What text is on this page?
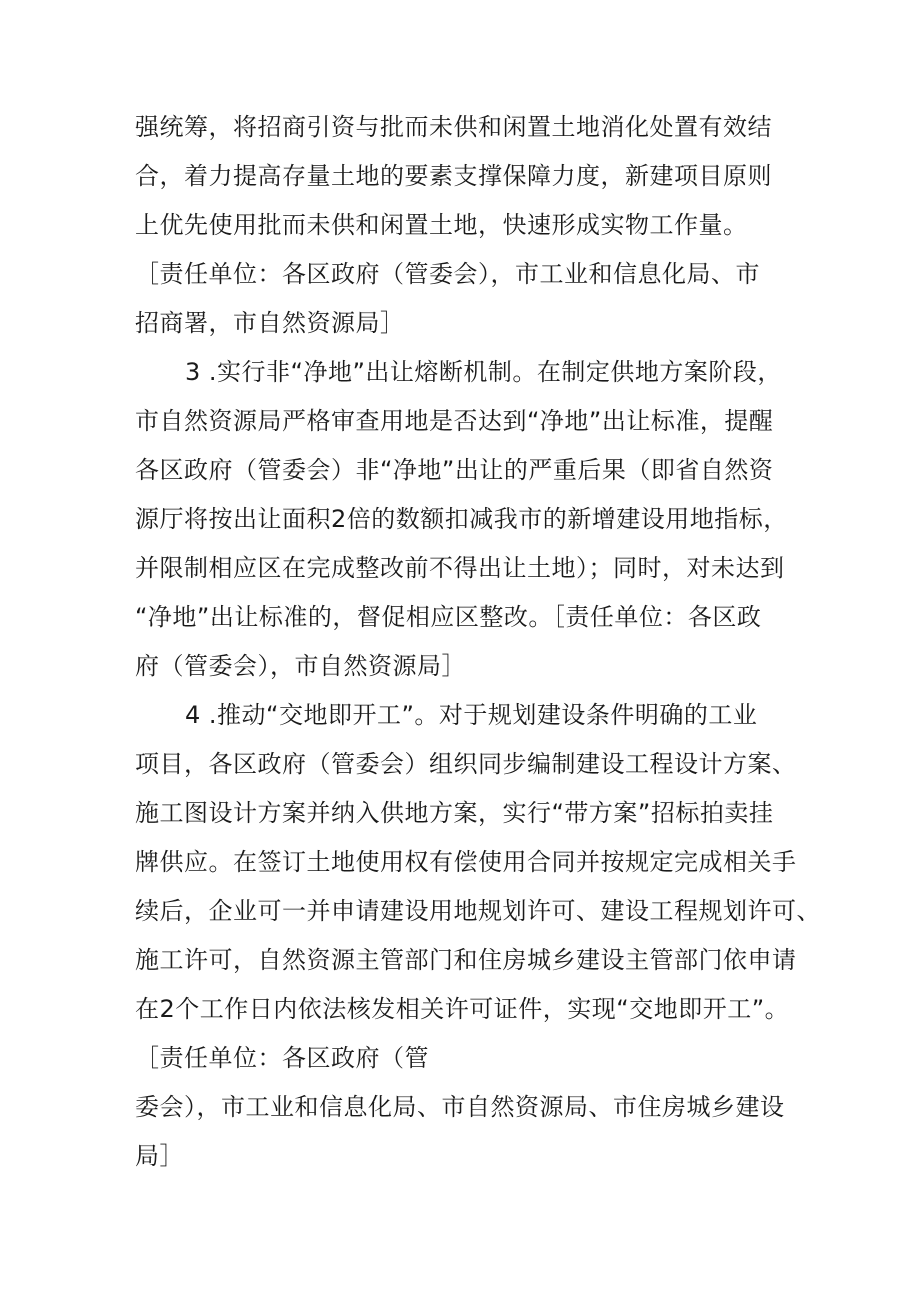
强统筹，将招商引资与批而未供和闲置土地消化处置有效结
合，着力提高存量土地的要素支撑保障力度，新建项目原则
上优先使用批而未供和闲置土地，快速形成实物工作量。
［责任单位：各区政府（管委会），市工业和信息化局、市
招商署，市自然资源局］
3 .实行非“净地”出让熔断机制。在制定供地方案阶段，
市自然资源局严格审查用地是否达到“净地”出让标准，提醒
各区政府（管委会）非“净地”出让的严重后果（即省自然资
源厅将按出让面积2倍的数额扣减我市的新增建设用地指标，
并限制相应区在完成整改前不得出让土地）；同时，对未达到
“净地”出让标准的，督促相应区整改。［责任单位：各区政
府（管委会），市自然资源局］
4 .推动“交地即开工”。对于规划建设条件明确的工业
项目，各区政府（管委会）组织同步编制建设工程设计方案、
施工图设计方案并纳入供地方案，实行“带方案”招标拍卖挂
牌供应。在签订土地使用权有偿使用合同并按规定完成相关手
续后，企业可一并申请建设用地规划许可、建设工程规划许可、
施工许可，自然资源主管部门和住房城乡建设主管部门依申请
在2个工作日内依法核发相关许可证件，实现“交地即开工”。
［责任单位：各区政府（管
委会），市工业和信息化局、市自然资源局、市住房城乡建设
局］
